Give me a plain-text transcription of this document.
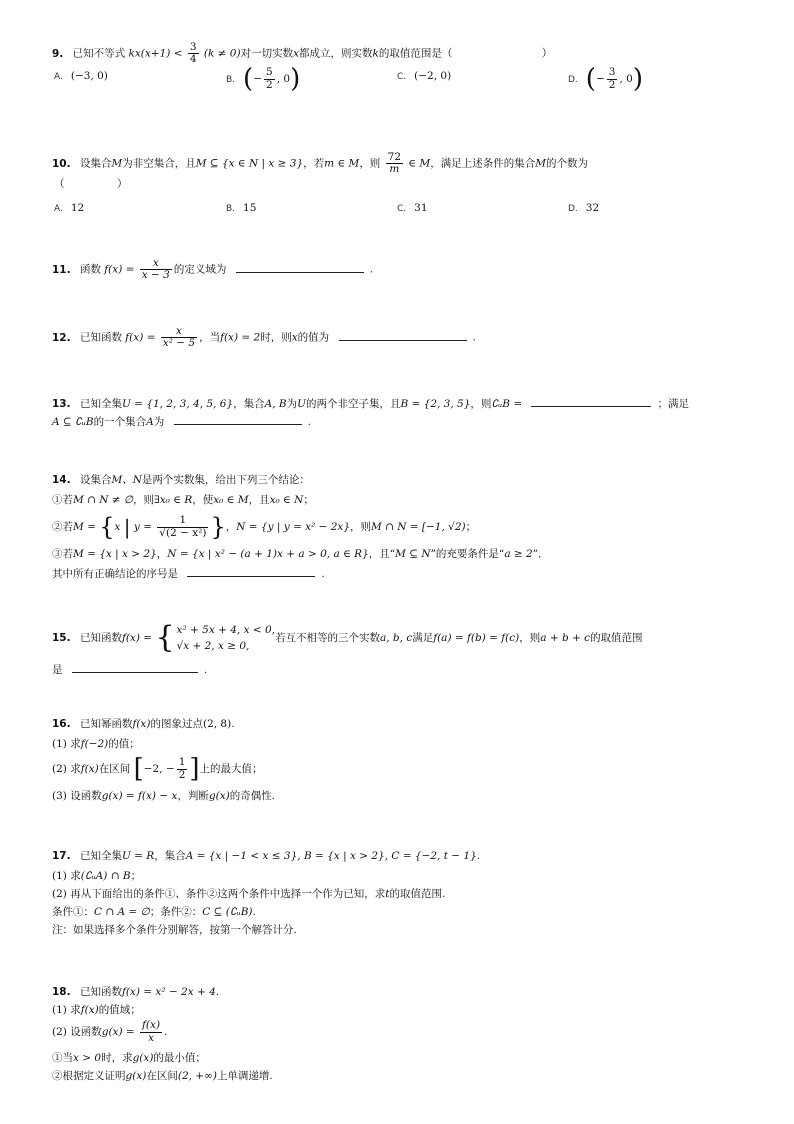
9. 已知不等式 $kx(x+1) < \frac{3}{4} (k \ne 0)$对一切实数x都成立，则实数k的取值范围是（	）
A. (−3, 0)	B. (− $\frac{5}{2}$ , 0)	C. (−2, 0)	D. (− $\frac{3}{2}$ , 0)
10. 设集合M为非空集合，且M ⊆ {x ∈ N | x ≥ 3}，若m ∈ M，则 $\frac{72}{m}$ ∈ M，满足上述条件的集合M的个数为
（　　　　　）
A. 12	B. 15	C. 31	D. 32
11. 函数 $f(x) = \frac{x}{x - 3}$ 的定义域为	.
12. 已知函数 $f(x) = \frac{x}{\text{x² − 5}}$ ，当f(x) = 2时，则x的值为	.
13. 已知全集U = {1, 2, 3, 4, 5, 6}，集合A, B为U的两个非空子集，且B = {2, 3, 5}，则∁ᵤB =	；满足
A ⊆ ∁ᵤB的一个集合A为	.
14. 设集合M、N是两个实数集，给出下列三个结论：
①若M ∩ N ≠ ∅，则∃x₀ ∈ R，使x₀ ∈ M，且x₀ ∈ N；
②若M = {x | $y = \frac{1}{\text{√(2 − x²)}}$ }，N = {y | y = x² − 2x}，则M ∩ N = [−1, √2)；
③若M = {x | x > 2}，N = {x | x² − (a + 1)x + a > 0, a ∈ R}，且“M ⊆ N”的充要条件是“a ≥ 2”．
其中所有正确结论的序号是	.
15. 已知函数f(x) = { x² + 5x + 4, x < 0,
√x + 2, x ≥ 0,
若互不相等的三个实数a, b, c满足f(a) = f(b) = f(c)，则a + b + c的取值范围
是	.
16. 已知幂函数f(x)的图象过点(2, 8).
(1) 求f(−2)的值；
(2) 求f(x)在区间 [−2, − $\frac{1}{2}$ ]上的最大值；
(3) 设函数g(x) = f(x) − x，判断g(x)的奇偶性.
17. 已知全集U = R，集合A = {x | −1 < x ≤ 3}, B = {x | x > 2}, C = {−2, t − 1}.
(1) 求(∁ᵤA) ∩ B；
(2) 再从下面给出的条件①、条件②这两个条件中选择一个作为已知，求t的取值范围.
条件①：C ∩ A = ∅；条件②：C ⊆ (∁ᵤB).
注：如果选择多个条件分别解答，按第一个解答计分.
18. 已知函数f(x) = x² − 2x + 4.
(1) 求f(x)的值域；
(2) 设函数$g(x) = \frac{f(x)}{x}$ .
①当x > 0时，求g(x)的最小值；
②根据定义证明g(x)在区间(2, +∞)上单调递增.
